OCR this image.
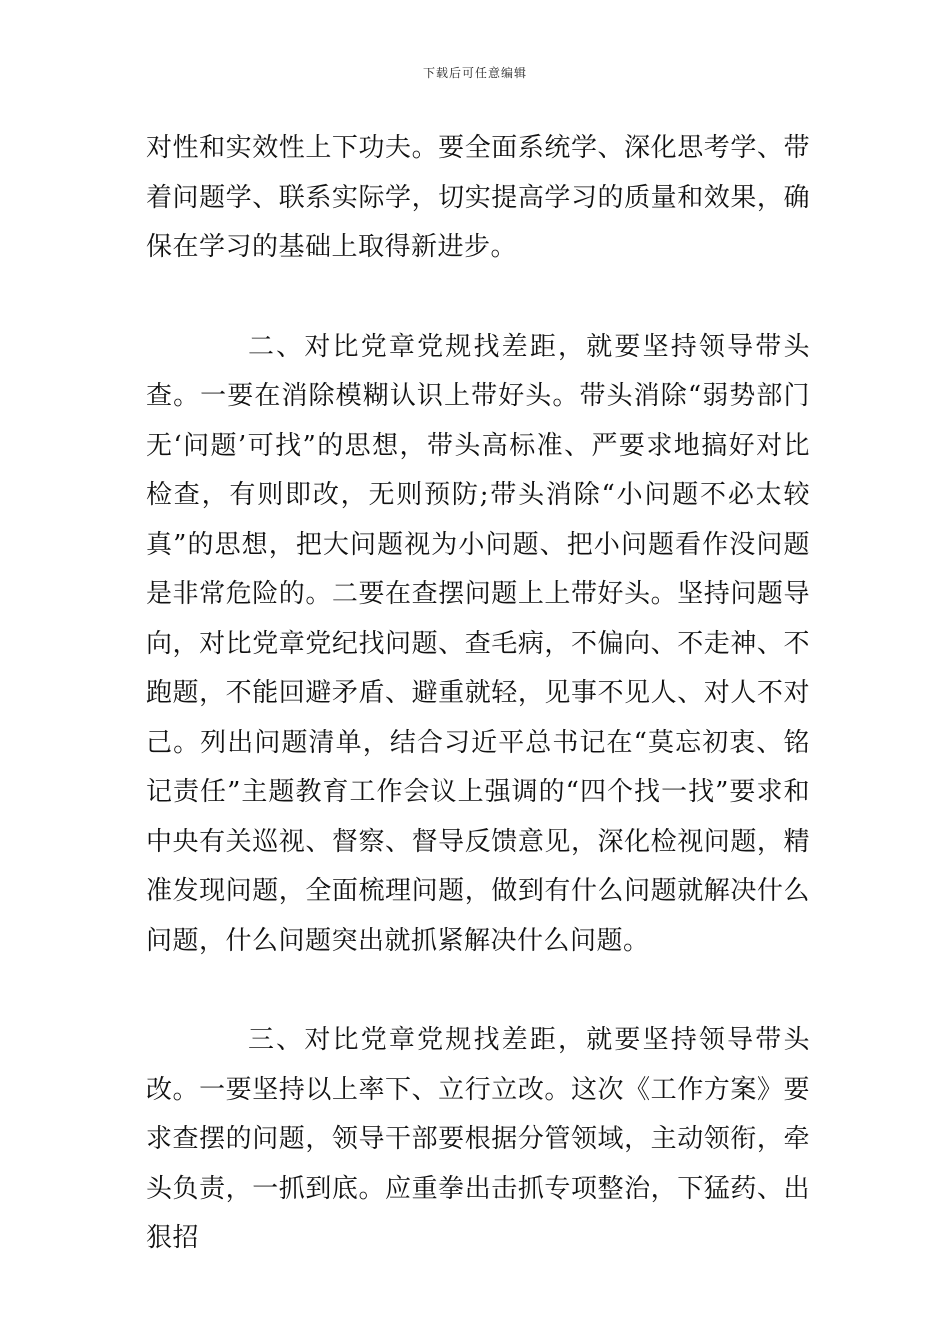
下载后可任意编辑

对性和实效性上下功夫。要全面系统学、深化思考学、带着问题学、联系实际学，切实提高学习的质量和效果，确保在学习的基础上取得新进步。

二、对比党章党规找差距，就要坚持领导带头查。一要在消除模糊认识上带好头。带头消除“弱势部门无‘问题’可找”的思想，带头高标准、严要求地搞好对比检查，有则即改，无则预防;带头消除“小问题不必太较真”的思想，把大问题视为小问题、把小问题看作没问题是非常危险的。二要在查摆问题上上带好头。坚持问题导向，对比党章党纪找问题、查毛病，不偏向、不走神、不跑题，不能回避矛盾、避重就轻，见事不见人、对人不对己。列出问题清单，结合习近平总书记在“莫忘初衷、铭记责任”主题教育工作会议上强调的“四个找一找”要求和中央有关巡视、督察、督导反馈意见，深化检视问题，精准发现问题，全面梳理问题，做到有什么问题就解决什么问题，什么问题突出就抓紧解决什么问题。

三、对比党章党规找差距，就要坚持领导带头改。一要坚持以上率下、立行立改。这次《工作方案》要求查摆的问题，领导干部要根据分管领域，主动领衔，牵头负责，一抓到底。应重拳出击抓专项整治，下猛药、出狠招
